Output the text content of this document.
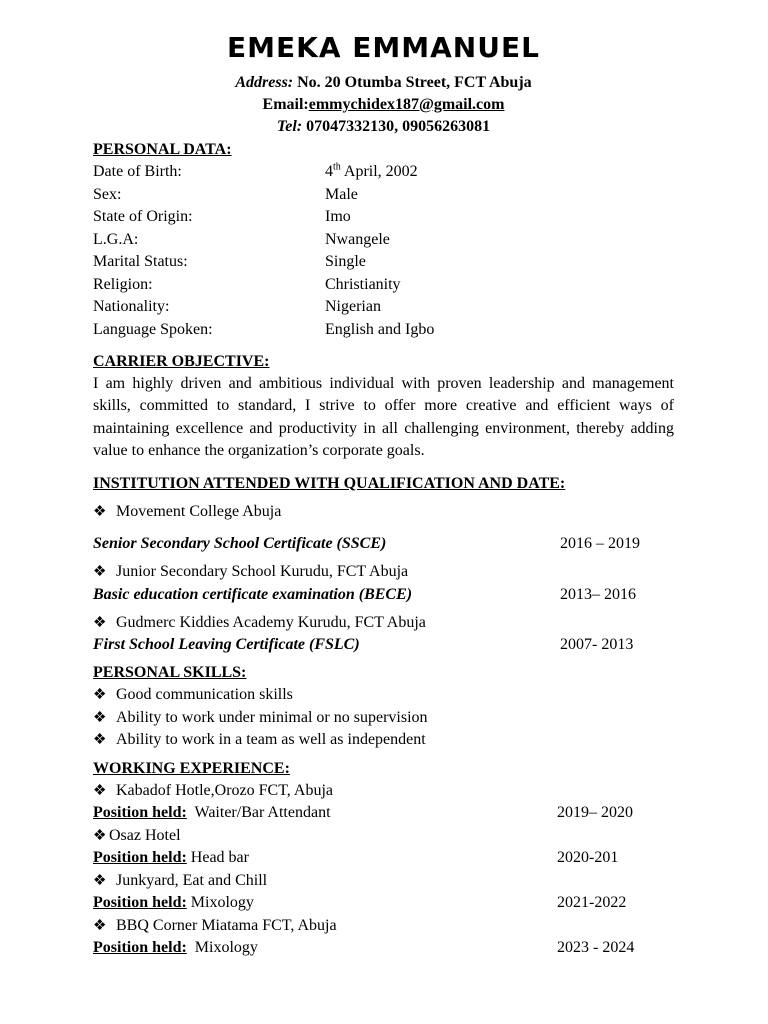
EMEKA EMMANUEL
Address: No. 20 Otumba Street, FCT Abuja
Email:emmychidex187@gmail.com
Tel: 07047332130, 09056263081
PERSONAL DATA:
Date of Birth:	4th April, 2002
Sex:	Male
State of Origin:	Imo
L.G.A:	Nwangele
Marital Status:	Single
Religion:	Christianity
Nationality:	Nigerian
Language Spoken:	English and Igbo
CARRIER OBJECTIVE:

I am highly driven and ambitious individual with proven leadership and management skills, committed to standard, I strive to offer more creative and efficient ways of maintaining excellence and productivity in all challenging environment, thereby adding value to enhance the organization’s corporate goals.

INSTITUTION ATTENDED WITH QUALIFICATION AND DATE:
❖ Movement College Abuja
Senior Secondary School Certificate (SSCE)	2016 – 2019
❖ Junior Secondary School Kurudu, FCT Abuja
Basic education certificate examination (BECE)	2013– 2016
❖ Gudmerc Kiddies Academy Kurudu, FCT Abuja
First School Leaving Certificate (FSLC)	2007- 2013
PERSONAL SKILLS:
❖ Good communication skills
❖ Ability to work under minimal or no supervision
❖ Ability to work in a team as well as independent
WORKING EXPERIENCE:
❖ Kabadof Hotle,Orozo FCT, Abuja
Position held:  Waiter/Bar Attendant	2019– 2020
❖ Osaz Hotel
Position held: Head bar	2020-201
❖ Junkyard, Eat and Chill
Position held: Mixology	2021-2022
❖ BBQ Corner Miatama FCT, Abuja
Position held:  Mixology	2023 - 2024
